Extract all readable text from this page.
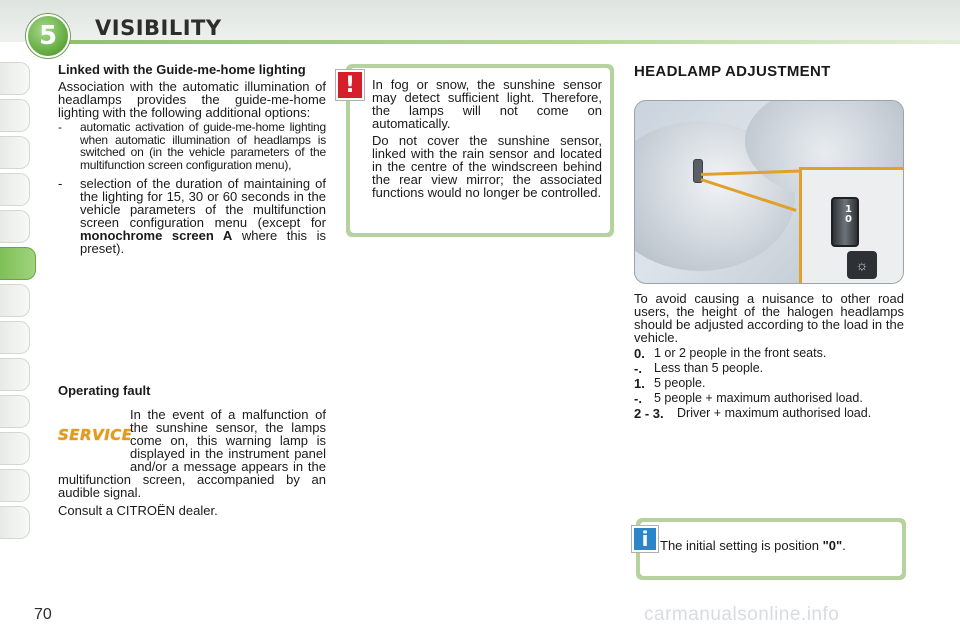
5	VISIBILITY
Linked with the Guide-me-home lighting

Association with the automatic illumination of headlamps provides the guide-me-home lighting with the following additional options:

- automatic activation of guide-me-home lighting when automatic illumination of headlamps is switched on (in the vehicle parameters of the multifunction screen configuration menu),
- selection of the duration of maintaining of the lighting for 15, 30 or 60 seconds in the vehicle parameters of the multifunction screen configuration menu (except for monochrome screen A where this is preset).
Operating fault
SERVICE

In the event of a malfunction of the sunshine sensor, the lamps come on, this warning lamp is displayed in the instrument panel and/or a message appears in the multifunction screen, accompanied by an audible signal.

Consult a CITROËN dealer.

In fog or snow, the sunshine sensor may detect sufficient light. Therefore, the lamps will not come on automatically.

Do not cover the sunshine sensor, linked with the rain sensor and located in the centre of the windscreen behind the rear view mirror; the associated functions would no longer be controlled.

!
HEADLAMP ADJUSTMENT
1
0
☼

To avoid causing a nuisance to other road users, the height of the halogen headlamps should be adjusted according to the load in the vehicle.

0. 1 or 2 people in the front seats.
-. Less than 5 people.
1. 5 people.
-. 5 people + maximum authorised load.
2 - 3.	Driver + maximum authorised load.
The initial setting is position "0".
i
70	carmanualsonline.info
